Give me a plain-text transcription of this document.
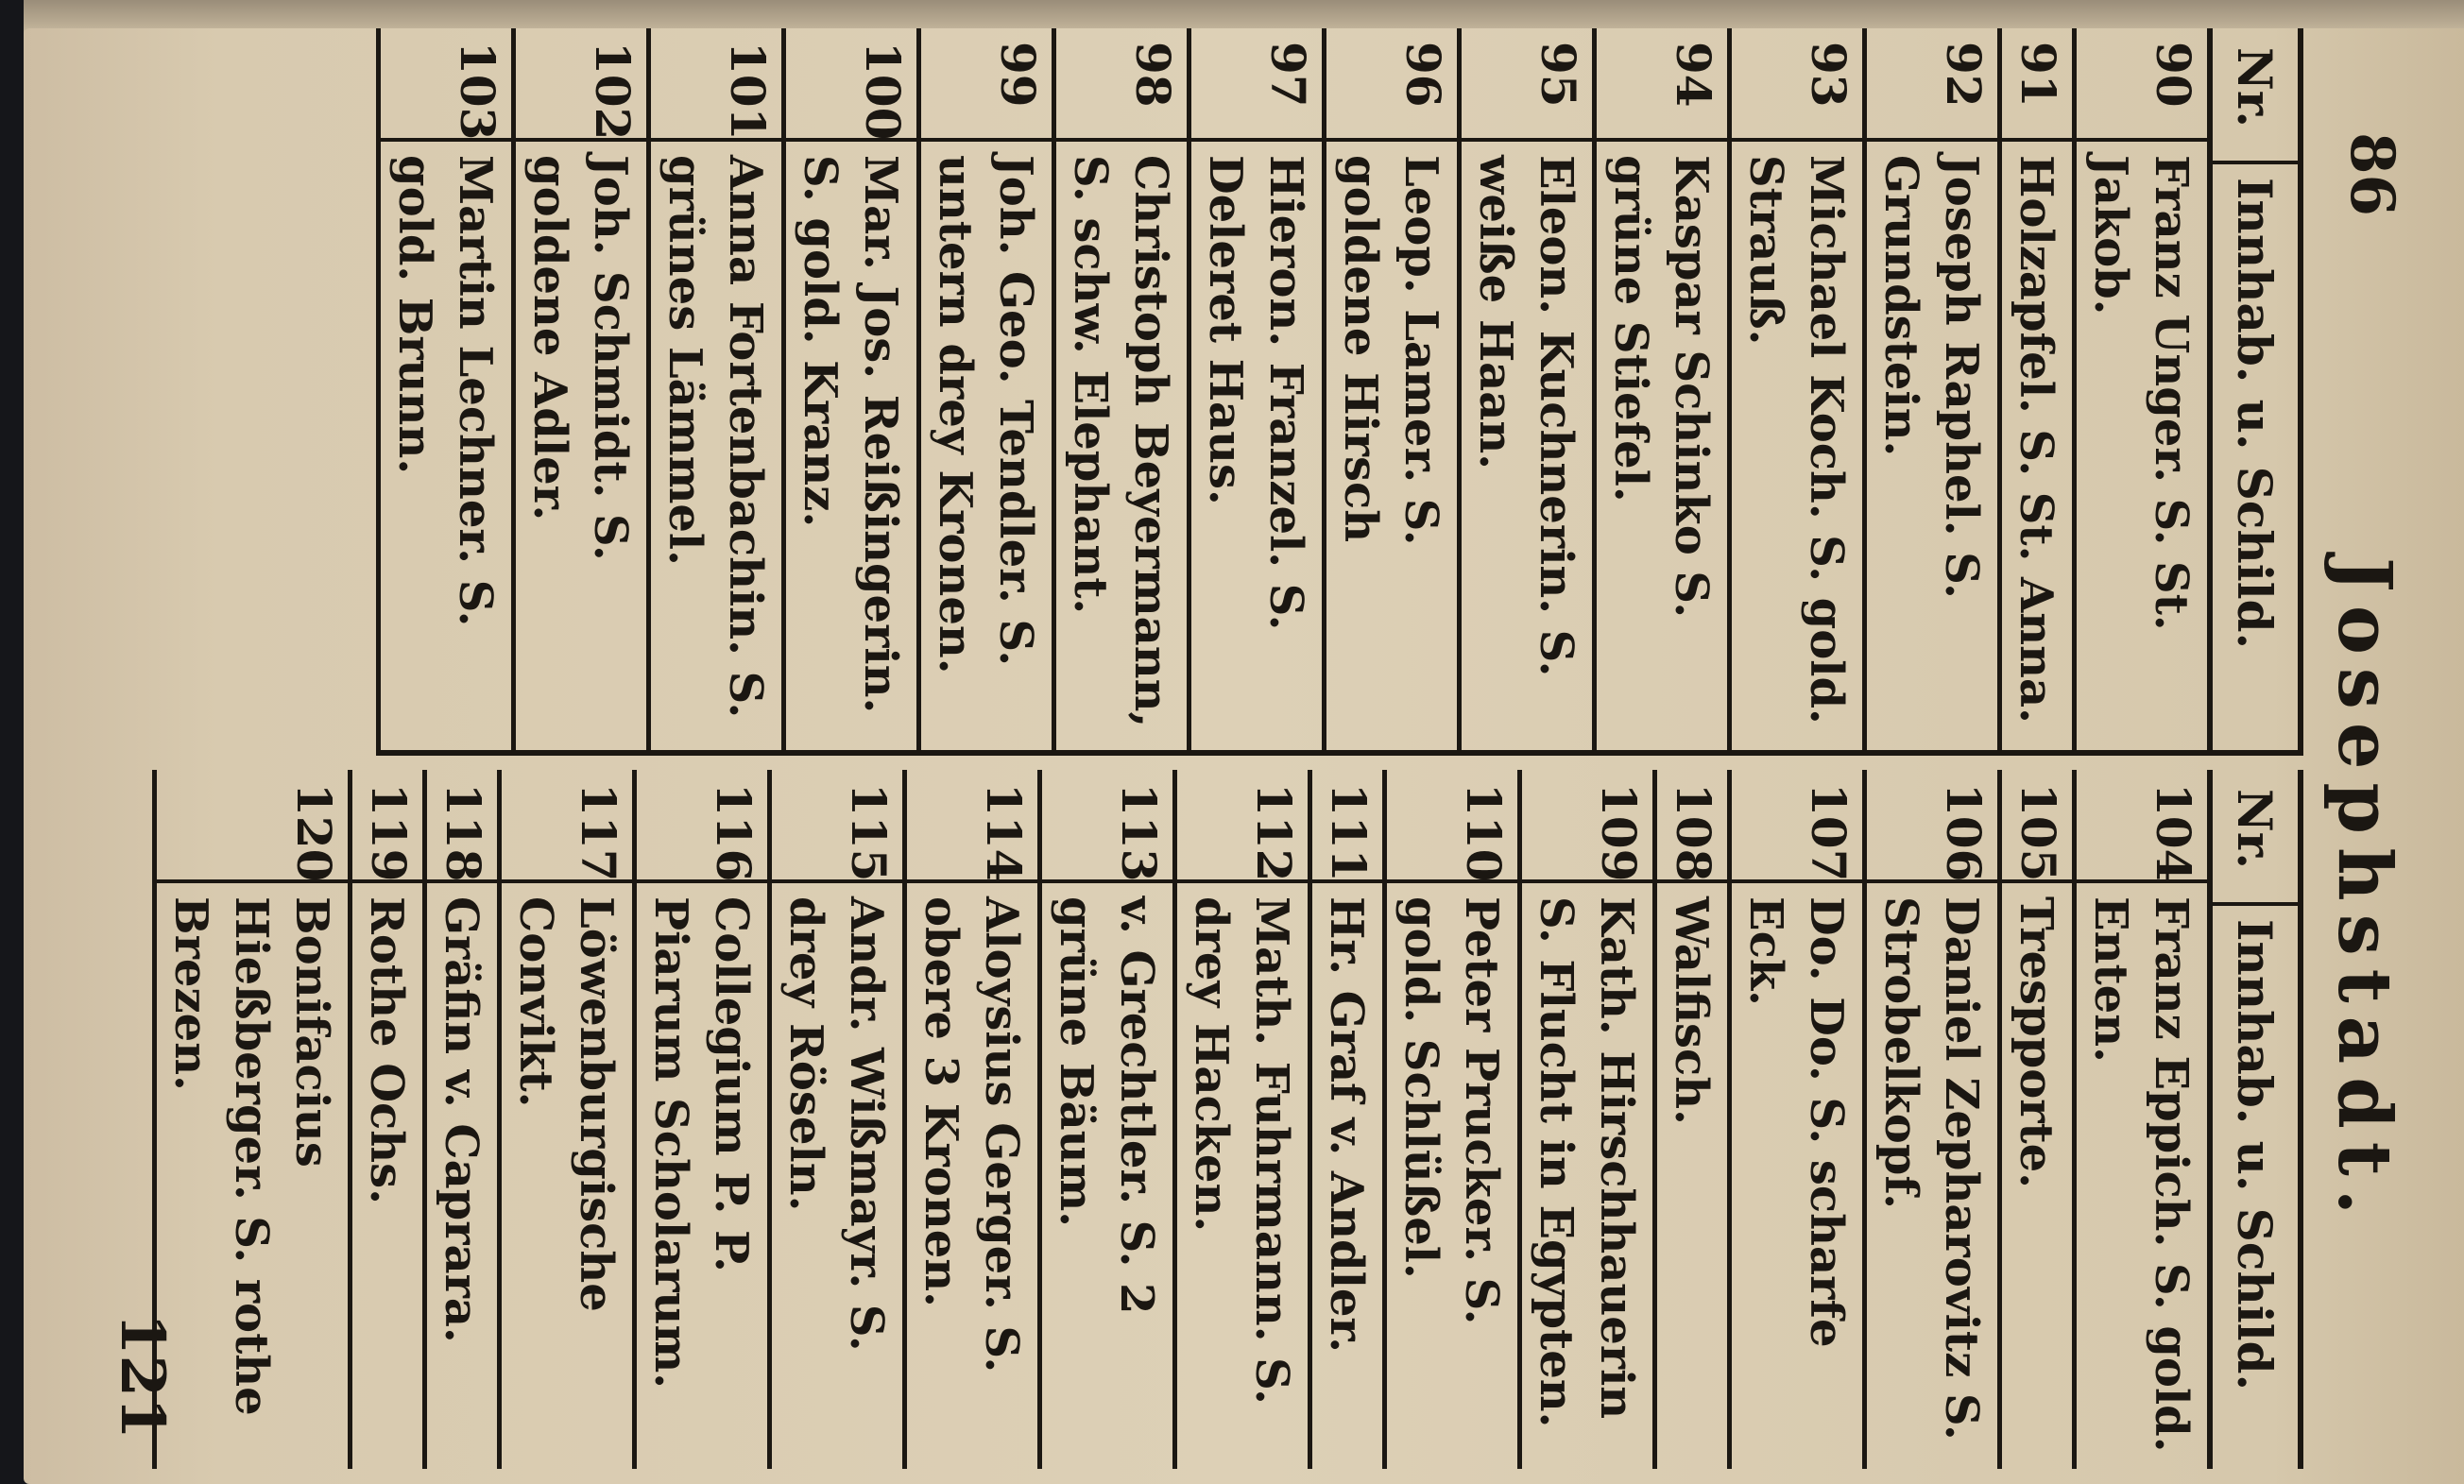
86
Josephstadt.
Nr.
Innhab. u. Schild.
90
Franz Unger. S. St. Jakob.
91
Holzapfel. S. St. Anna.
92
Joseph Raphel. S. Grundstein.
93
Michael Koch. S. gold. Strauß.
94
Kaspar Schinko S. grüne Stiefel.
95
Eleon. Kuchnerin. S. weiße Haan.
96
Leop. Lamer. S. goldene Hirsch
97
Hieron. Franzel. S. Deleret Haus.
98
Christoph Beyermann, S. schw. Elephant.
99
Joh. Geo. Tendler. S. untern drey Kronen.
100
Mar. Jos. Reißingerin. S. gold. Kranz.
101
Anna Fortenbachin. S. grünes Lämmel.
102
Joh. Schmidt. S. goldene Adler.
103
Martin Lechner. S. gold. Brunn.
Nr.
Innhab. u. Schild.
104
Franz Eppich. S. gold. Enten.
105
Trespporte.
106
Daniel Zepharovitz S. Strobelkopf.
107
Do. Do. S. scharfe Eck.
108
Walfisch.
109
Kath. Hirschhauerin S. Flucht in Egypten.
110
Peter Prucker. S. gold. Schlüßel.
111
Hr. Graf v. Andler.
112
Math. Fuhrmann. S. drey Hacken.
113
v. Grechtler. S. 2 grüne Bäum.
114
Aloysius Gerger. S. obere 3 Kronen.
115
Andr. Wißmayr. S. drey Röseln.
116
Collegium P. P. Piarum Scholarum.
117
Löwenburgische Convikt.
118
Gräfin v. Caprara.
119
Rothe Ochs.
120
Bonifacius Hießberger. S. rothe Brezen.
121
